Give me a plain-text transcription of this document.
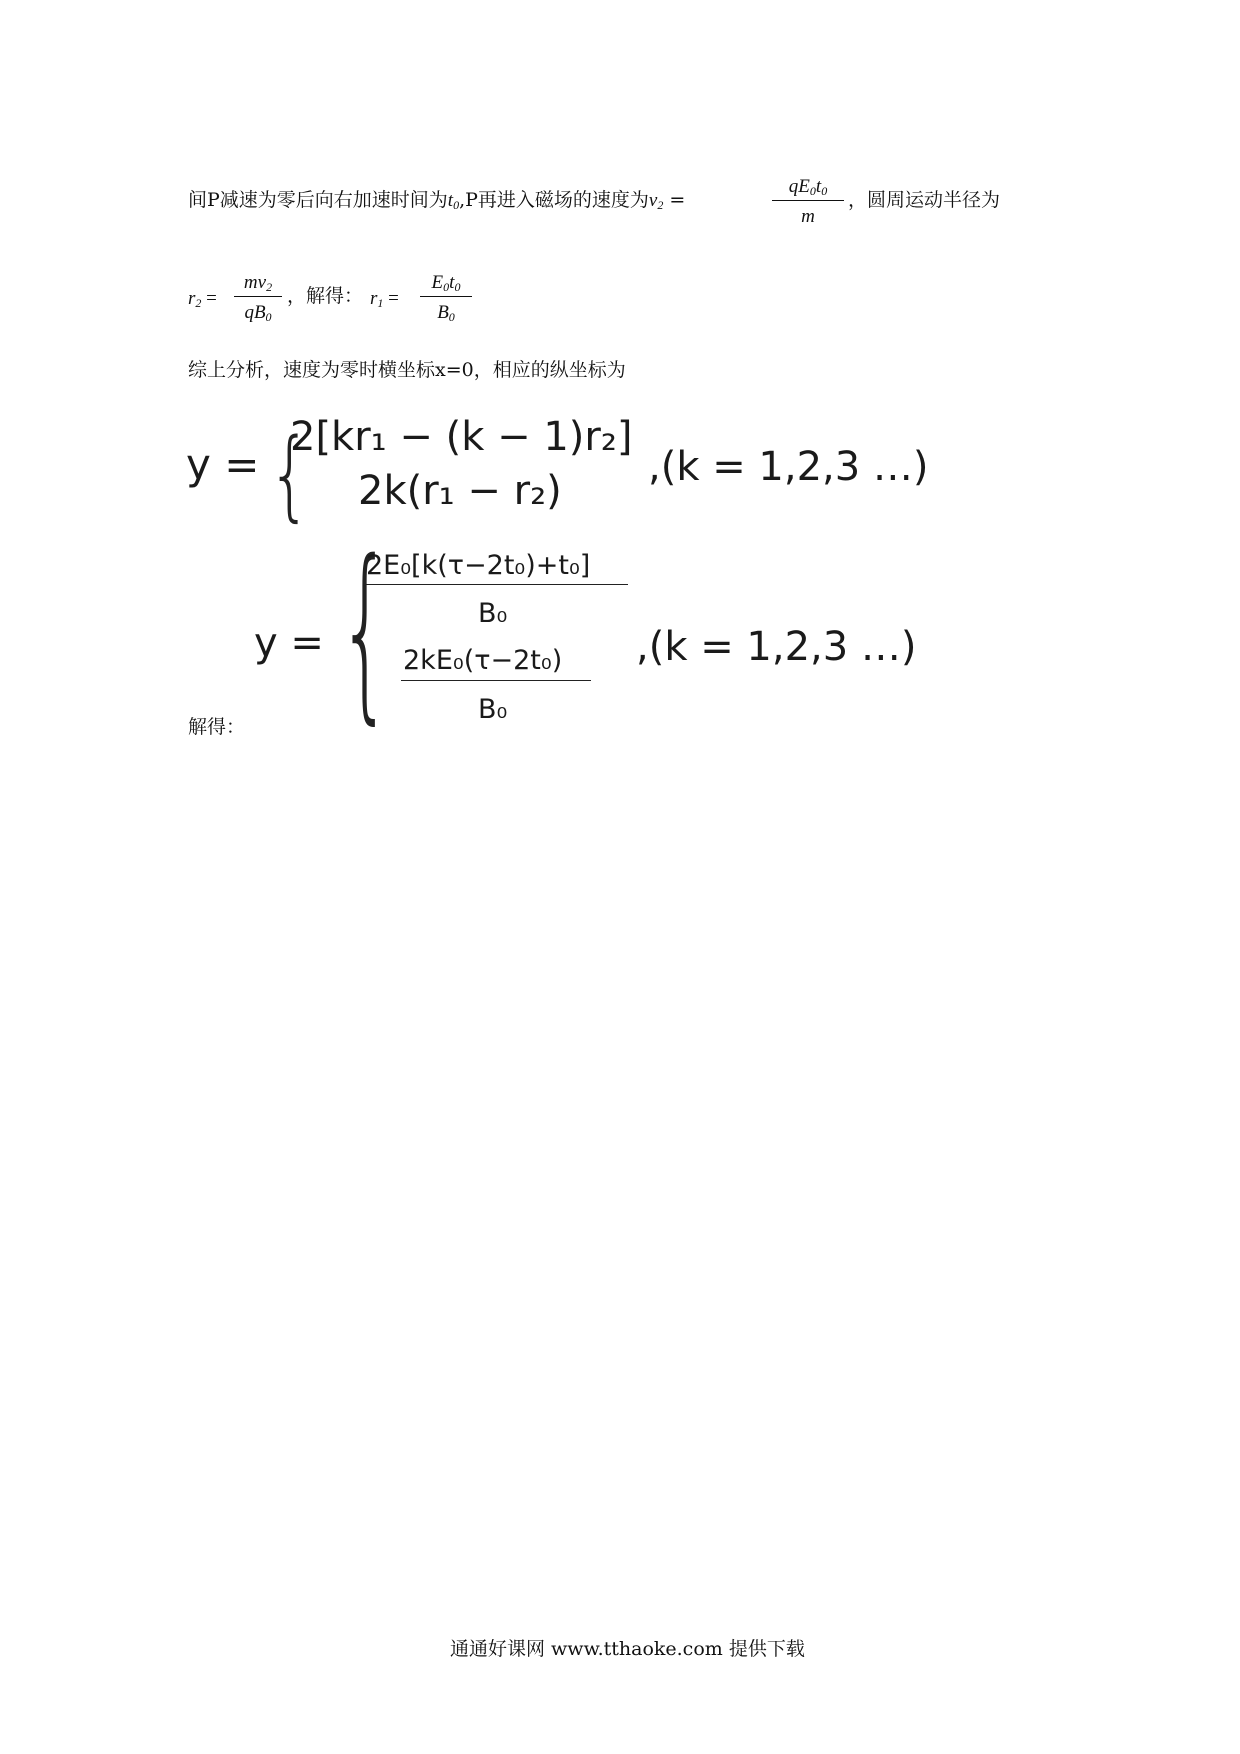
间P减速为零后向右加速时间为$t_0,P$再进入磁场的速度为$v_2$ =
$qE_0t_0$
m
，圆周运动半径为
$r_2$ =
$mv_2$
$qB_0$
，解得： $r_1$ =
$E_0t_0$
$B_0$
综上分析，速度为零时横坐标x=0，相应的纵坐标为
y = {
2[kr₁ − (k − 1)r₂]
2k(r₁ − r₂)
,(k = 1,2,3 …)
y = {
2E₀[k(τ−2t₀)+t₀]
B₀
2kE₀(τ−2t₀)
B₀
,(k = 1,2,3 …)
解得：
通通好课网 www.tthaoke.com 提供下载
